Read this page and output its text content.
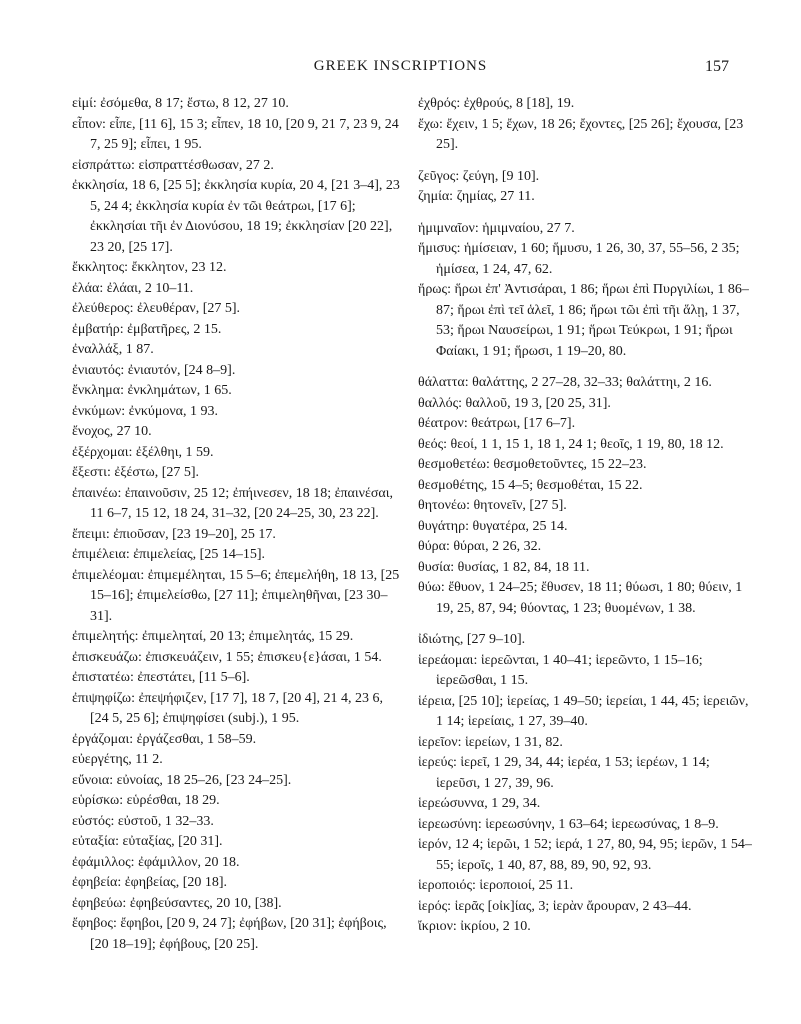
GREEK INSCRIPTIONS	157

εἰμί: ἐσόμεθα, 8 17; ἔστω, 8 12, 27 10.

εἶπον: εἶπε, [11 6], 15 3; εἶπεν, 18 10, [20 9, 21 7, 23 9, 24 7, 25 9]; εἶπει, 1 95.

εἰσπράττω: εἰσπραττέσθωσαν, 27 2.

ἐκκλησία, 18 6, [25 5]; ἐκκλησία κυρία, 20 4, [21 3–4], 23 5, 24 4; ἐκκλησία κυρία ἐν τῶι θεάτρωι, [17 6]; ἐκκλησίαι τῆι ἐν Διονύσου, 18 19; ἐκκλησίαν [20 22], 23 20, [25 17].

ἔκκλητος: ἔκκλητον, 23 12.

ἐλάα: ἐλάαι, 2 10–11.

ἐλεύθερος: ἐλευθέραν, [27 5].

ἐμβατήρ: ἐμβατῆρες, 2 15.

ἐναλλάξ, 1 87.

ἐνιαυτός: ἐνιαυτόν, [24 8–9].

ἔνκλημα: ἐνκλημάτων, 1 65.

ἐνκύμων: ἐνκύμονα, 1 93.

ἔνοχος, 27 10.

ἐξέρχομαι: ἐξέλθηι, 1 59.

ἔξεστι: ἐξέστω, [27 5].

ἐπαινέω: ἐπαινοῦσιν, 25 12; ἐπήινεσεν, 18 18; ἐπαινέσαι, 11 6–7, 15 12, 18 24, 31–32, [20 24–25, 30, 23 22].

ἔπειμι: ἐπιοῦσαν, [23 19–20], 25 17.

ἐπιμέλεια: ἐπιμελείας, [25 14–15].

ἐπιμελέομαι: ἐπιμεμέληται, 15 5–6; ἐπεμελήθη, 18 13, [25 15–16]; ἐπιμελείσθω, [27 11]; ἐπιμεληθῆναι, [23 30–31].

ἐπιμελητής: ἐπιμεληταί, 20 13; ἐπιμελητάς, 15 29.

ἐπισκευάζω: ἐπισκευάζειν, 1 55; ἐπισκευ{ε}άσαι, 1 54.

ἐπιστατέω: ἐπεστάτει, [11 5–6].

ἐπιψηφίζω: ἐπεψήφιζεν, [17 7], 18 7, [20 4], 21 4, 23 6, [24 5, 25 6]; ἐπιψηφίσει (subj.), 1 95.

ἐργάζομαι: ἐργάζεσθαι, 1 58–59.

εὐεργέτης, 11 2.

εὔνοια: εὐνοίας, 18 25–26, [23 24–25].

εὑρίσκω: εὑρέσθαι, 18 29.

εὐστός: εὐστοῦ, 1 32–33.

εὐταξία: εὐταξίας, [20 31].

ἐφάμιλλος: ἐφάμιλλον, 20 18.

ἐφηβεία: ἐφηβείας, [20 18].

ἐφηβεύω: ἐφηβεύσαντες, 20 10, [38].

ἔφηβος: ἔφηβοι, [20 9, 24 7]; ἐφήβων, [20 31]; ἐφήβοις, [20 18–19]; ἐφήβους, [20 25].

ἐχθρός: ἐχθρούς, 8 [18], 19.

ἔχω: ἔχειν, 1 5; ἔχων, 18 26; ἔχοντες, [25 26]; ἔχουσα, [23 25].

ζεῦγος: ζεύγη, [9 10].

ζημία: ζημίας, 27 11.

ἡμιμναῖον: ἡμιμναίου, 27 7.

ἥμισυς: ἡμίσειαν, 1 60; ἥμυσυ, 1 26, 30, 37, 55–56, 2 35; ἡμίσεα, 1 24, 47, 62.

ἥρως: ἥρωι ἐπ' Ἀντισάραι, 1 86; ἥρωι ἐπὶ Πυργιλίωι, 1 86–87; ἥρωι ἐπὶ τεῖ ἁλεῖ, 1 86; ἥρωι τῶι ἐπὶ τῆι ἅλῃ, 1 37, 53; ἥρωι Ναυσείρωι, 1 91; ἥρωι Τεύκρωι, 1 91; ἥρωι Φαίακι, 1 91; ἥρωσι, 1 19–20, 80.

θάλαττα: θαλάττης, 2 27–28, 32–33; θαλάττηι, 2 16.

θαλλός: θαλλοῦ, 19 3, [20 25, 31].

θέατρον: θεάτρωι, [17 6–7].

θεός: θεοί, 1 1, 15 1, 18 1, 24 1; θεοῖς, 1 19, 80, 18 12.

θεσμοθετέω: θεσμοθετοῦντες, 15 22–23.

θεσμοθέτης, 15 4–5; θεσμοθέται, 15 22.

θητονέω: θητονεῖν, [27 5].

θυγάτηρ: θυγατέρα, 25 14.

θύρα: θύραι, 2 26, 32.

θυσία: θυσίας, 1 82, 84, 18 11.

θύω: ἔθυον, 1 24–25; ἔθυσεν, 18 11; θύωσι, 1 80; θύειν, 1 19, 25, 87, 94; θύοντας, 1 23; θυομένων, 1 38.

ἰδιώτης, [27 9–10].

ἱερεάομαι: ἱερεῶνται, 1 40–41; ἱερεῶντο, 1 15–16; ἱερεῶσθαι, 1 15.

ἱέρεια, [25 10]; ἱερείας, 1 49–50; ἱερείαι, 1 44, 45; ἱερειῶν, 1 14; ἱερείαις, 1 27, 39–40.

ἱερεῖον: ἱερείων, 1 31, 82.

ἱερεύς: ἱερεῖ, 1 29, 34, 44; ἱερέα, 1 53; ἱερέων, 1 14; ἱερεῦσι, 1 27, 39, 96.

ἱερεώσυννα, 1 29, 34.

ἱερεωσύνη: ἱερεωσύνην, 1 63–64; ἱερεωσύνας, 1 8–9.

ἱερόν, 12 4; ἱερῶι, 1 52; ἱερά, 1 27, 80, 94, 95; ἱερῶν, 1 54–55; ἱεροῖς, 1 40, 87, 88, 89, 90, 92, 93.

ἱεροποιός: ἱεροποιοί, 25 11.

ἱερός: ἱερᾶς [οἰκ]ίας, 3; ἱερὰν ἄρουραν, 2 43–44.

ἴκριον: ἰκρίου, 2 10.
